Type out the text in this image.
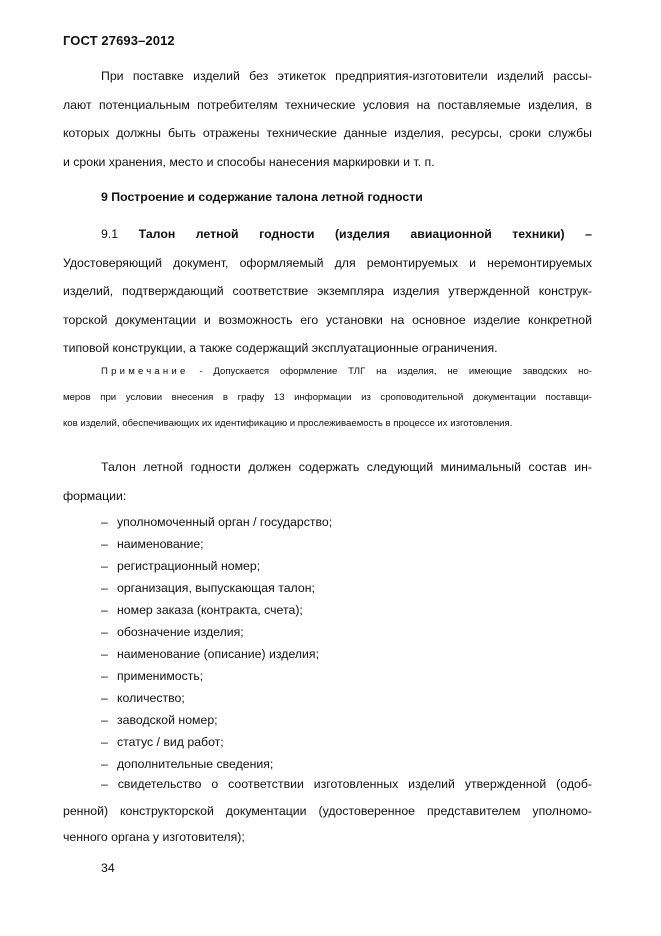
ГОСТ 27693–2012
При поставке изделий без этикеток предприятия-изготовители изделий рассы-
лают потенциальным потребителям технические условия на поставляемые изделия, в
которых должны быть отражены технические данные изделия, ресурсы, сроки службы
и сроки хранения, место и способы нанесения маркировки и т. п.

9 Построение и содержание талона летной годности

9.1 Талон летной годности (изделия авиационной техники) –
Удостоверяющий документ, оформляемый для ремонтируемых и неремонтируемых
изделий, подтверждающий соответствие экземпляра изделия утвержденной конструк-
торской документации и возможность его установки на основное изделие конкретной
типовой конструкции, а также содержащий эксплуатационные ограничения.
Примечание - Допускается оформление ТЛГ на изделия, не имеющие заводских но-
меров при условии внесения в графу 13 информации из сроповодительной документации поставщи-
ков изделий, обеспечивающих их идентификацию и прослеживаемость в процессе их изготовления.
Талон летной годности должен содержать следующий минимальный состав ин-
формации:
– уполномоченный орган / государство;
– наименование;
– регистрационный номер;
– организация, выпускающая талон;
– номер заказа (контракта, счета);
– обозначение изделия;
– наименование (описание) изделия;
– применимость;
– количество;
– заводской номер;
– статус / вид работ;
– дополнительные сведения;
– свидетельство о соответствии изготовленных изделий утвержденной (одоб-
ренной) конструкторской документации (удостоверенное представителем уполномо-
ченного органа у изготовителя);
34
